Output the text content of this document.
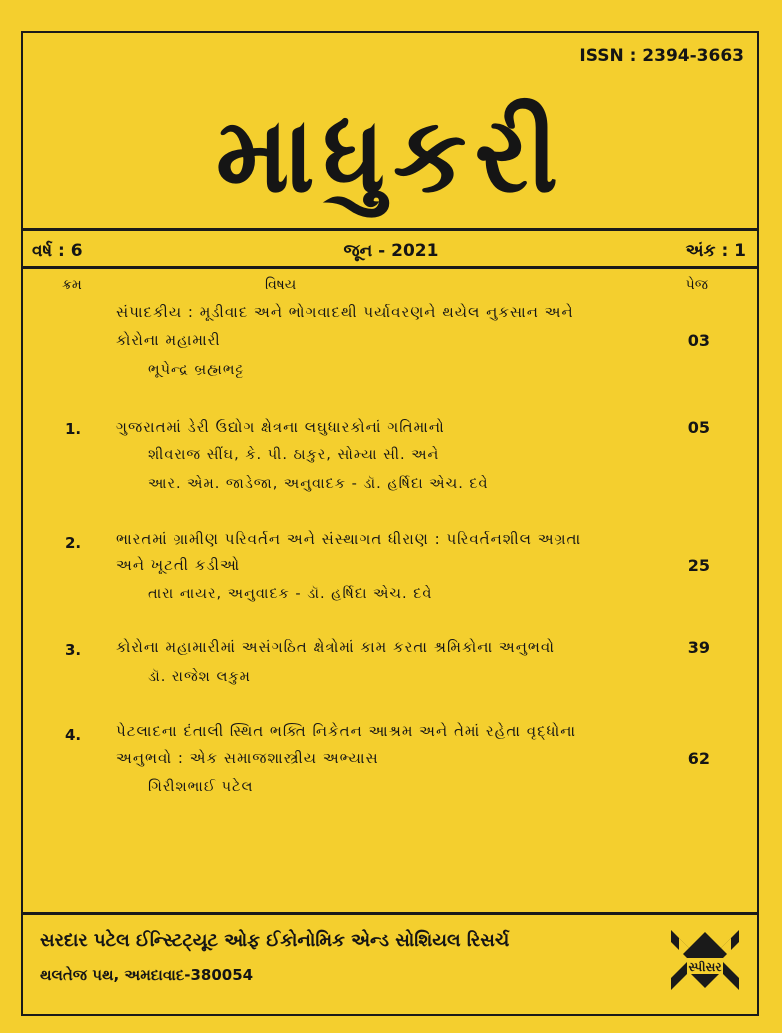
ISSN : 2394-3663
માધુકરી
વર્ષ : 6	જૂન - 2021	અંક : 1
ક્રમ	વિષય	પેજ
સંપાદકીય : મૂડીવાદ અને ભોગવાદથી પર્યાવરણને થયેલ નુકસાન અને
કોરોના મહામારી	03
ભૂપેન્દ્ર બ્રહ્મભટ્ટ
1. ગુજરાતમાં ડેરી ઉદ્યોગ ક્ષેત્રના લઘુધારકોનાં ગતિમાનો	05
શીવરાજ સીંઘ, કે. પી. ઠાકુર, સોમ્યા સી. અને
આર. એમ. જાડેજા, અનુવાદક - ડૉ. હર્ષિદા એચ. દવે
2. ભારતમાં ગ્રામીણ પરિવર્તન અને સંસ્થાગત ધીરાણ : પરિવર્તનશીલ અગ્રતા
અને ખૂટતી કડીઓ	25
તારા નાયર, અનુવાદક - ડૉ. હર્ષિદા એચ. દવે
3. કોરોના મહામારીમાં અસંગઠિત ક્ષેત્રોમાં કામ કરતા શ્રમિકોના અનુભવો	39
ડૉ. રાજેશ લકુમ
4. પેટલાદના દંતાલી સ્થિત ભક્તિ નિકેતન આશ્રમ અને તેમાં રહેતા વૃદ્ધોના
અનુભવો : એક સમાજશાસ્ત્રીય અભ્યાસ	62
ગિરીશભાઈ પટેલ
સરદાર પટેલ ઈન્સ્ટિટ્યૂટ ઓફ ઈકોનોમિક એન્ડ સોશિયલ રિસર્ચ
થલતેજ પથ, અમદાવાદ-380054	સ્પીસર
